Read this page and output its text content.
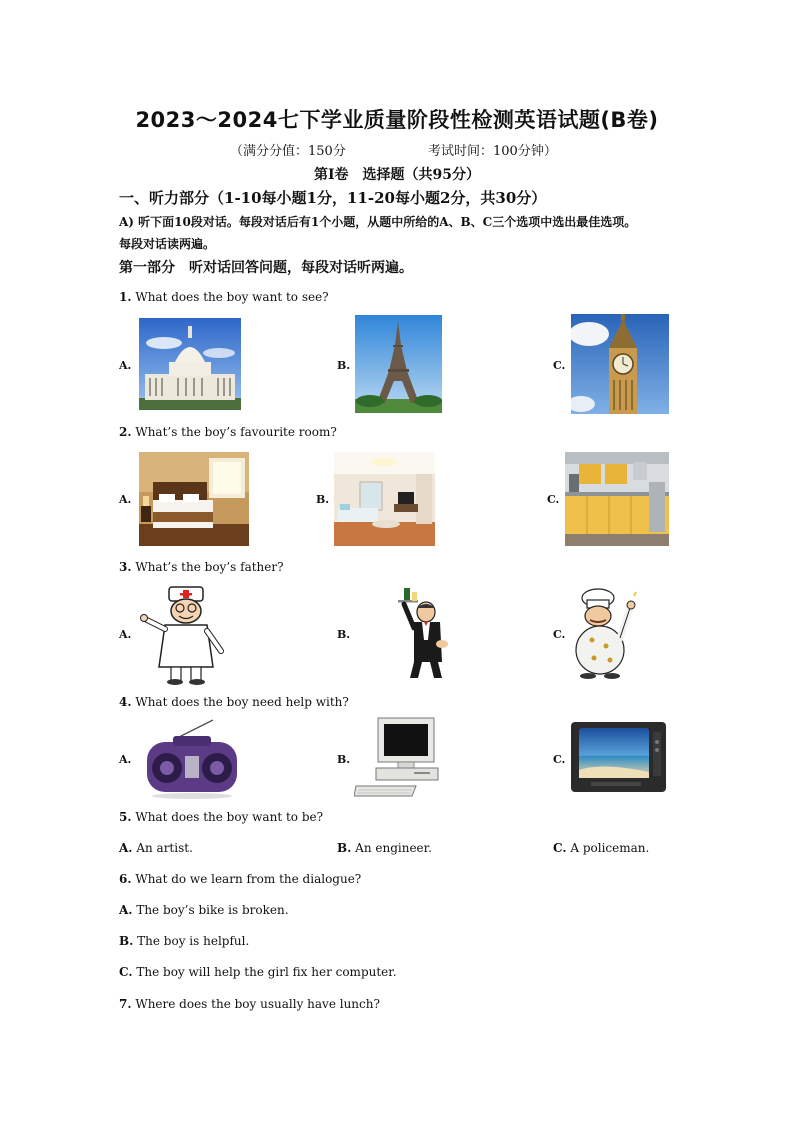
2023～2024七下学业质量阶段性检测英语试题(B卷)
（满分分值：150分	考试时间：100分钟）
第Ⅰ卷　选择题（共95分）
一、听力部分（1-10每小题1分，11-20每小题2分，共30分）
A) 听下面10段对话。每段对话后有1个小题，从题中所给的A、B、C三个选项中选出最佳选项。
每段对话读两遍。
第一部分　听对话回答问题，每段对话听两遍。
1. What does the boy want to see?
A.	B.	C.
2. What’s the boy’s favourite room?
A.	B.	C.
3. What’s the boy’s father?
A.	B.	C.
4. What does the boy need help with?
A.	B.	C.
5. What does the boy want to be?
A. An artist.	B. An engineer.	C. A policeman.
6. What do we learn from the dialogue?
A. The boy’s bike is broken.
B. The boy is helpful.
C. The boy will help the girl fix her computer.
7. Where does the boy usually have lunch?
